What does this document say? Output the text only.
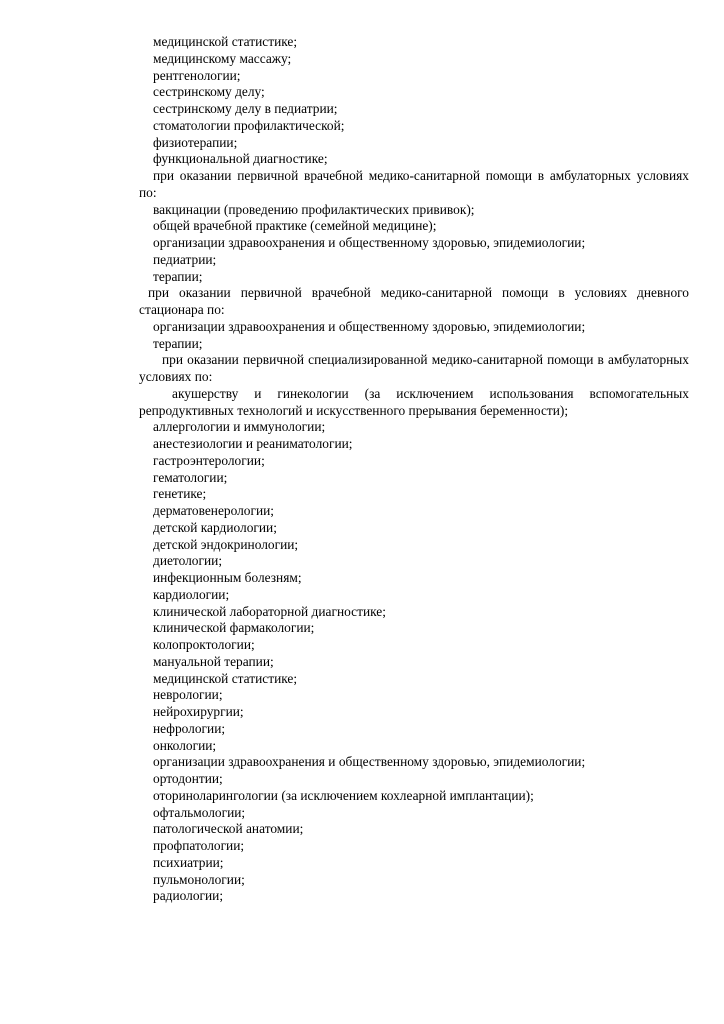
медицинской статистике;

медицинскому массажу;

рентгенологии;

сестринскому делу;

сестринскому делу в педиатрии;

стоматологии профилактической;

физиотерапии;

функциональной диагностике;

при оказании первичной врачебной медико-санитарной помощи в амбулаторных условиях по:

вакцинации (проведению профилактических прививок);

общей врачебной практике (семейной медицине);

организации здравоохранения и общественному здоровью, эпидемиологии;

педиатрии;

терапии;

при оказании первичной врачебной медико-санитарной помощи в условиях дневного стационара по:

организации здравоохранения и общественному здоровью, эпидемиологии;

терапии;

при оказании первичной специализированной медико-санитарной помощи в амбулаторных условиях по:

акушерству и гинекологии (за исключением использования вспомогательных репродуктивных технологий и искусственного прерывания беременности);

аллергологии и иммунологии;

анестезиологии и реаниматологии;

гастроэнтерологии;

гематологии;

генетике;

дерматовенерологии;

детской кардиологии;

детской эндокринологии;

диетологии;

инфекционным болезням;

кардиологии;

клинической лабораторной диагностике;

клинической фармакологии;

колопроктологии;

мануальной терапии;

медицинской статистике;

неврологии;

нейрохирургии;

нефрологии;

онкологии;

организации здравоохранения и общественному здоровью, эпидемиологии;

ортодонтии;

оториноларингологии (за исключением кохлеарной имплантации);

офтальмологии;

патологической анатомии;

профпатологии;

психиатрии;

пульмонологии;

радиологии;
